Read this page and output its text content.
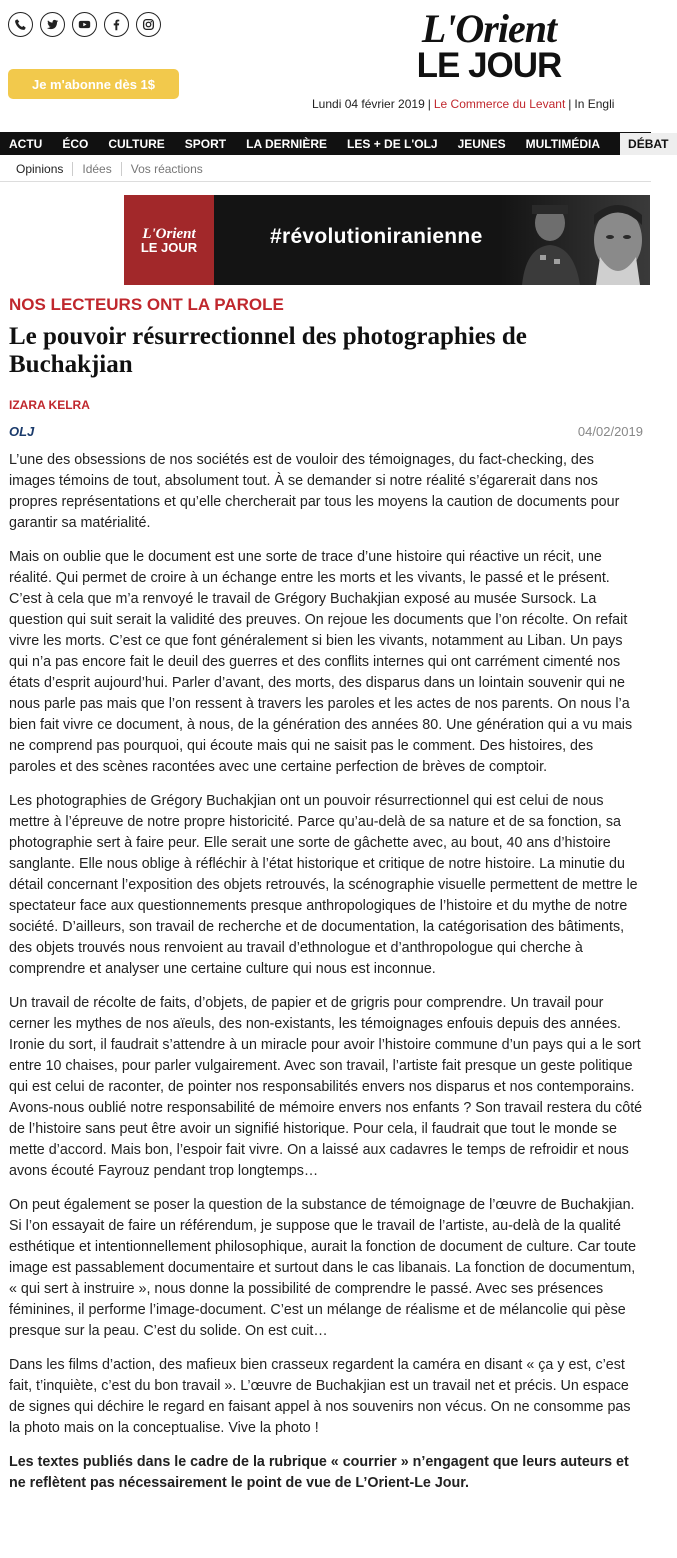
Je m'abonne dès 1$
L'Orient
LE JOUR
Lundi 04 février 2019 | Le Commerce du Levant | In Engli
ACTU ÉCO CULTURE SPORT LA DERNIÈRE LES + DE L'OLJ JEUNES MULTIMÉDIA	DÉBAT
Opinions	Idées	Vos réactions
L'Orient
LE JOUR	#révolutioniranienne
NOS LECTEURS ONT LA PAROLE
Le pouvoir résurrectionnel des photographies de Buchakjian
IZARA KELRA
OLJ	04/02/2019

L’une des obsessions de nos sociétés est de vouloir des témoignages, du fact-checking, des images témoins de tout, absolument tout. À se demander si notre réalité s’égarerait dans nos propres représentations et qu’elle chercherait par tous les moyens la caution de documents pour garantir sa matérialité.

Mais on oublie que le document est une sorte de trace d’une histoire qui réactive un récit, une réalité. Qui permet de croire à un échange entre les morts et les vivants, le passé et le présent. C’est à cela que m’a renvoyé le travail de Grégory Buchakjian exposé au musée Sursock. La question qui suit serait la validité des preuves. On rejoue les documents que l’on récolte. On refait vivre les morts. C’est ce que font généralement si bien les vivants, notamment au Liban. Un pays qui n’a pas encore fait le deuil des guerres et des conflits internes qui ont carrément cimenté nos états d’esprit aujourd’hui. Parler d’avant, des morts, des disparus dans un lointain souvenir qui ne nous parle pas mais que l’on ressent à travers les paroles et les actes de nos parents. On nous l’a bien fait vivre ce document, à nous, de la génération des années 80. Une génération qui a vu mais ne comprend pas pourquoi, qui écoute mais qui ne saisit pas le comment. Des histoires, des paroles et des scènes racontées avec une certaine perfection de brèves de comptoir.

Les photographies de Grégory Buchakjian ont un pouvoir résurrectionnel qui est celui de nous mettre à l’épreuve de notre propre historicité. Parce qu’au-delà de sa nature et de sa fonction, sa photographie sert à faire peur. Elle serait une sorte de gâchette avec, au bout, 40 ans d’histoire sanglante. Elle nous oblige à réfléchir à l’état historique et critique de notre histoire. La minutie du détail concernant l’exposition des objets retrouvés, la scénographie visuelle permettent de mettre le spectateur face aux questionnements presque anthropologiques de l’histoire et du mythe de notre société. D’ailleurs, son travail de recherche et de documentation, la catégorisation des bâtiments, des objets trouvés nous renvoient au travail d’ethnologue et d’anthropologue qui cherche à comprendre et analyser une certaine culture qui nous est inconnue.

Un travail de récolte de faits, d’objets, de papier et de grigris pour comprendre. Un travail pour cerner les mythes de nos aïeuls, des non-existants, les témoignages enfouis depuis des années. Ironie du sort, il faudrait s’attendre à un miracle pour avoir l’histoire commune d’un pays qui a le sort entre 10 chaises, pour parler vulgairement. Avec son travail, l’artiste fait presque un geste politique qui est celui de raconter, de pointer nos responsabilités envers nos disparus et nos contemporains. Avons-nous oublié notre responsabilité de mémoire envers nos enfants ? Son travail restera du côté de l’histoire sans peut être avoir un signifié historique. Pour cela, il faudrait que tout le monde se mette d’accord. Mais bon, l’espoir fait vivre. On a laissé aux cadavres le temps de refroidir et nous avons écouté Fayrouz pendant trop longtemps…

On peut également se poser la question de la substance de témoignage de l’œuvre de Buchakjian. Si l’on essayait de faire un référendum, je suppose que le travail de l’artiste, au-delà de la qualité esthétique et intentionnellement philosophique, aurait la fonction de document de culture. Car toute image est passablement documentaire et surtout dans le cas libanais. La fonction de documentum, « qui sert à instruire », nous donne la possibilité de comprendre le passé. Avec ses présences féminines, il performe l’image-document. C’est un mélange de réalisme et de mélancolie qui pèse presque sur la peau. C’est du solide. On est cuit…

Dans les films d’action, des mafieux bien crasseux regardent la caméra en disant « ça y est, c’est fait, t’inquiète, c’est du bon travail ». L’œuvre de Buchakjian est un travail net et précis. Un espace de signes qui déchire le regard en faisant appel à nos souvenirs non vécus. On ne consomme pas la photo mais on la conceptualise. Vive la photo !

Les textes publiés dans le cadre de la rubrique « courrier » n’engagent que leurs auteurs et ne reflètent pas nécessairement le point de vue de L’Orient-Le Jour.
